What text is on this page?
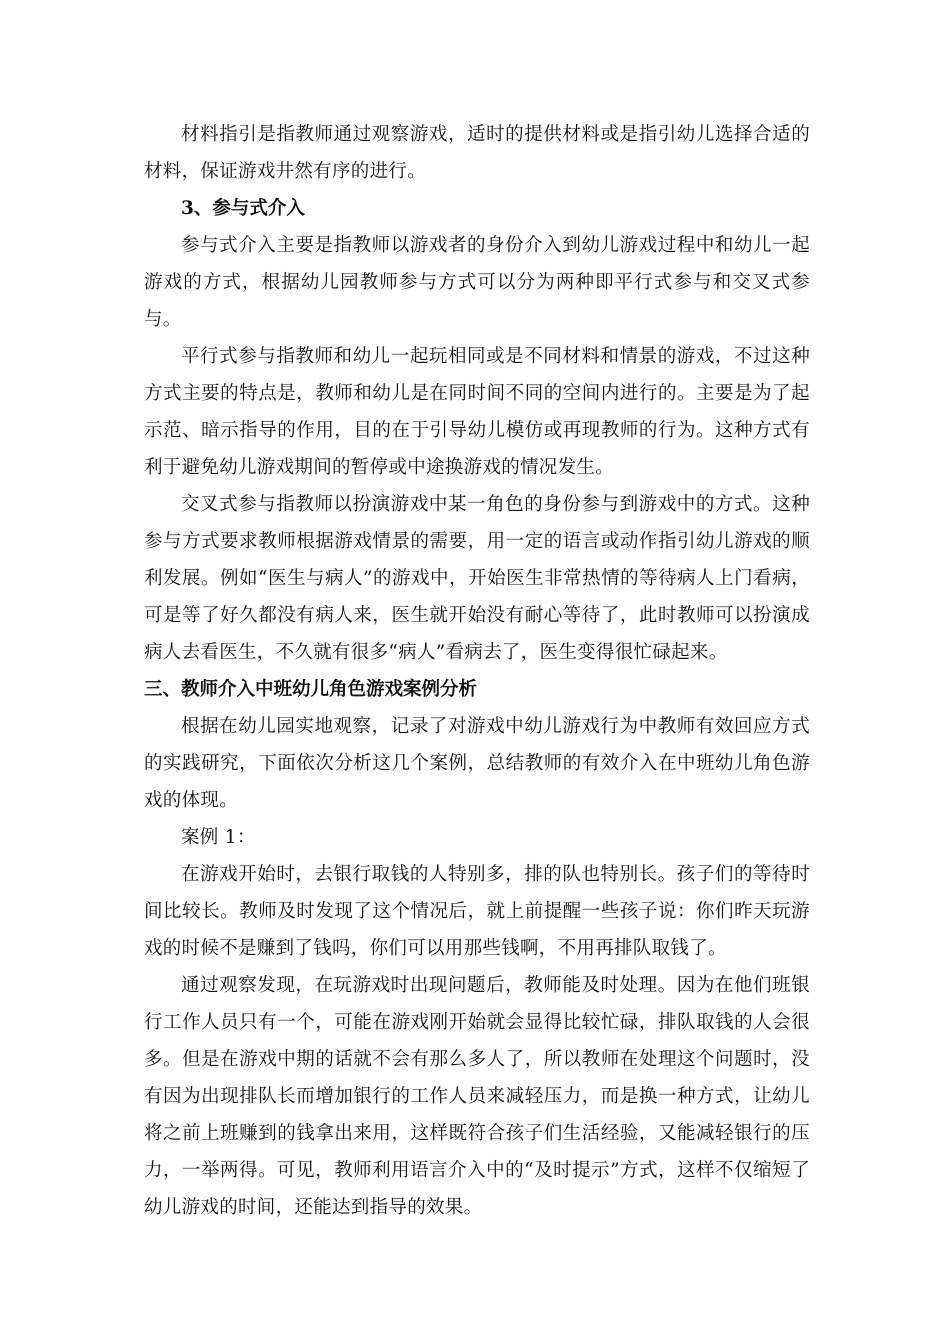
材料指引是指教师通过观察游戏，适时的提供材料或是指引幼儿选择合适的材料，保证游戏井然有序的进行。

3、参与式介入

参与式介入主要是指教师以游戏者的身份介入到幼儿游戏过程中和幼儿一起游戏的方式，根据幼儿园教师参与方式可以分为两种即平行式参与和交叉式参与。

平行式参与指教师和幼儿一起玩相同或是不同材料和情景的游戏，不过这种方式主要的特点是，教师和幼儿是在同时间不同的空间内进行的。主要是为了起示范、暗示指导的作用，目的在于引导幼儿模仿或再现教师的行为。这种方式有利于避免幼儿游戏期间的暂停或中途换游戏的情况发生。

交叉式参与指教师以扮演游戏中某一角色的身份参与到游戏中的方式。这种参与方式要求教师根据游戏情景的需要，用一定的语言或动作指引幼儿游戏的顺利发展。例如“医生与病人”的游戏中，开始医生非常热情的等待病人上门看病，可是等了好久都没有病人来，医生就开始没有耐心等待了，此时教师可以扮演成病人去看医生，不久就有很多“病人”看病去了，医生变得很忙碌起来。

三、教师介入中班幼儿角色游戏案例分析

根据在幼儿园实地观察，记录了对游戏中幼儿游戏行为中教师有效回应方式的实践研究，下面依次分析这几个案例，总结教师的有效介入在中班幼儿角色游戏的体现。

案例 1：

在游戏开始时，去银行取钱的人特别多，排的队也特别长。孩子们的等待时间比较长。教师及时发现了这个情况后，就上前提醒一些孩子说：你们昨天玩游戏的时候不是赚到了钱吗，你们可以用那些钱啊，不用再排队取钱了。

通过观察发现，在玩游戏时出现问题后，教师能及时处理。因为在他们班银行工作人员只有一个，可能在游戏刚开始就会显得比较忙碌，排队取钱的人会很多。但是在游戏中期的话就不会有那么多人了，所以教师在处理这个问题时，没有因为出现排队长而增加银行的工作人员来减轻压力，而是换一种方式，让幼儿将之前上班赚到的钱拿出来用，这样既符合孩子们生活经验，又能减轻银行的压力，一举两得。可见，教师利用语言介入中的“及时提示”方式，这样不仅缩短了幼儿游戏的时间，还能达到指导的效果。
